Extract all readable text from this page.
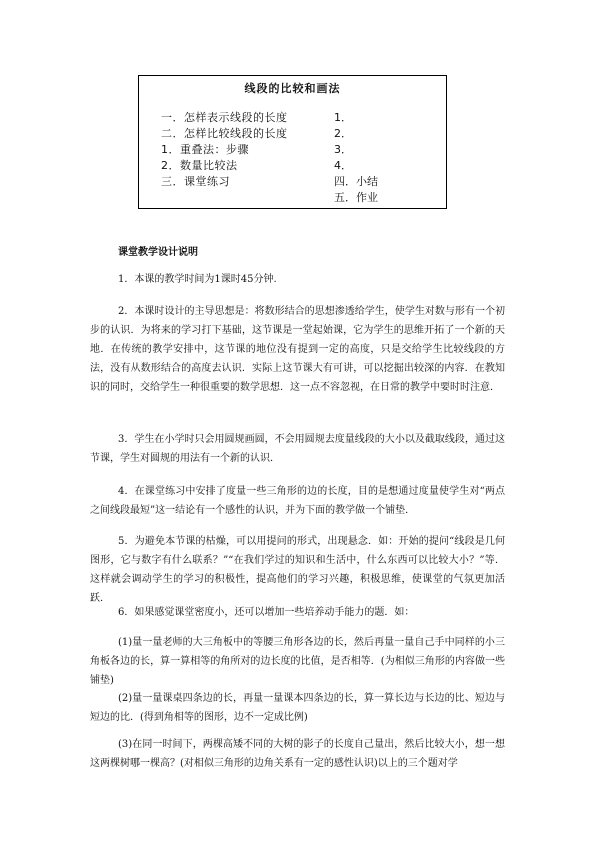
线段的比较和画法
一．怎样表示线段的长度
二．怎样比较线段的长度
1．重叠法：步骤
2．数量比较法
三．课堂练习
1．
2．
3．
4．
四．小结
五．作业
课堂教学设计说明
1．本课的教学时间为1课时45分钟.
2．本课时设计的主导思想是：将数形结合的思想渗透给学生，使学生对数与形有一个初步的认识．为将来的学习打下基础，这节课是一堂起始课，它为学生的思维开拓了一个新的天地．在传统的教学安排中，这节课的地位没有提到一定的高度，只是交给学生比较线段的方法，没有从数形结合的高度去认识．实际上这节课大有可讲，可以挖掘出较深的内容．在教知识的同时，交给学生一种很重要的数学思想．这一点不容忽视，在日常的教学中要时时注意．
3．学生在小学时只会用圆规画圆，不会用圆规去度量线段的大小以及截取线段，通过这节课，学生对圆规的用法有一个新的认识．
4．在课堂练习中安排了度量一些三角形的边的长度，目的是想通过度量使学生对“两点之间线段最短”这一结论有一个感性的认识，并为下面的教学做一个铺垫．
5．为避免本节课的枯燥，可以用提问的形式，出现悬念．如：开始的提问“线段是几何图形，它与数字有什么联系？”“在我们学过的知识和生活中，什么东西可以比较大小？”等．这样就会调动学生的学习的积极性，提高他们的学习兴趣，积极思维，使课堂的气氛更加活跃．
6．如果感觉课堂密度小，还可以增加一些培养动手能力的题．如：
(1)量一量老师的大三角板中的等腰三角形各边的长，然后再量一量自己手中同样的小三角板各边的长，算一算相等的角所对的边长度的比值，是否相等．(为相似三角形的内容做一些铺垫)
(2)量一量课桌四条边的长，再量一量课本四条边的长，算一算长边与长边的比、短边与短边的比．(得到角相等的图形，边不一定成比例)
(3)在同一时间下，两棵高矮不同的大树的影子的长度自己量出，然后比较大小，想一想这两棵树哪一棵高？(对相似三角形的边角关系有一定的感性认识)以上的三个题对学
